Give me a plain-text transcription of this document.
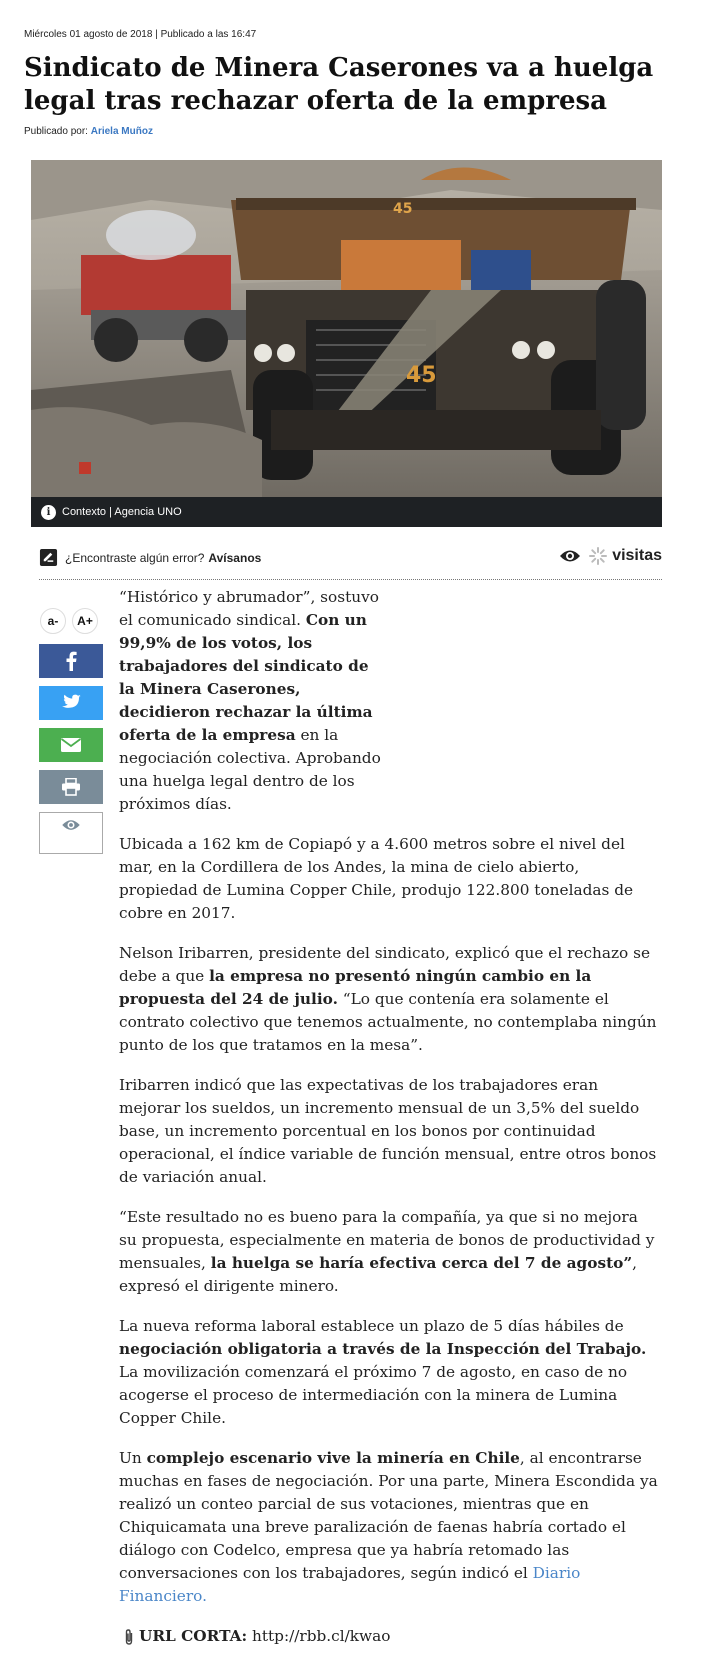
Miércoles 01 agosto de 2018 | Publicado a las 16:47
Sindicato de Minera Caserones va a huelga legal tras rechazar oferta de la empresa
Publicado por: Ariela Muñoz
45
45
i	Contexto | Agencia UNO
¿Encontraste algún error? Avísanos	visitas
a-	A+

“Histórico y abrumador”, sostuvo el comunicado sindical. Con un 99,9% de los votos, los trabajadores del sindicato de la Minera Caserones, decidieron rechazar la última oferta de la empresa en la negociación colectiva. Aprobando una huelga legal dentro de los próximos días.

Ubicada a 162 km de Copiapó y a 4.600 metros sobre el nivel del mar, en la Cordillera de los Andes, la mina de cielo abierto, propiedad de Lumina Copper Chile, produjo 122.800 toneladas de cobre en 2017.

Nelson Iribarren, presidente del sindicato, explicó que el rechazo se debe a que la empresa no presentó ningún cambio en la propuesta del 24 de julio. “Lo que contenía era solamente el contrato colectivo que tenemos actualmente, no contemplaba ningún punto de los que tratamos en la mesa”.

Iribarren indicó que las expectativas de los trabajadores eran mejorar los sueldos, un incremento mensual de un 3,5% del sueldo base, un incremento porcentual en los bonos por continuidad operacional, el índice variable de función mensual, entre otros bonos de variación anual.

“Este resultado no es bueno para la compañía, ya que si no mejora su propuesta, especialmente en materia de bonos de productividad y mensuales, la huelga se haría efectiva cerca del 7 de agosto”, expresó el dirigente minero.

La nueva reforma laboral establece un plazo de 5 días hábiles de negociación obligatoria a través de la Inspección del Trabajo. La movilización comenzará el próximo 7 de agosto, en caso de no acogerse el proceso de intermediación con la minera de Lumina Copper Chile.

Un complejo escenario vive la minería en Chile, al encontrarse muchas en fases de negociación. Por una parte, Minera Escondida ya realizó un conteo parcial de sus votaciones, mientras que en Chiquicamata una breve paralización de faenas habría cortado el diálogo con Codelco, empresa que ya habría retomado las conversaciones con los trabajadores, según indicó el Diario Financiero.

URL CORTA:
http://rbb.cl/kwao
